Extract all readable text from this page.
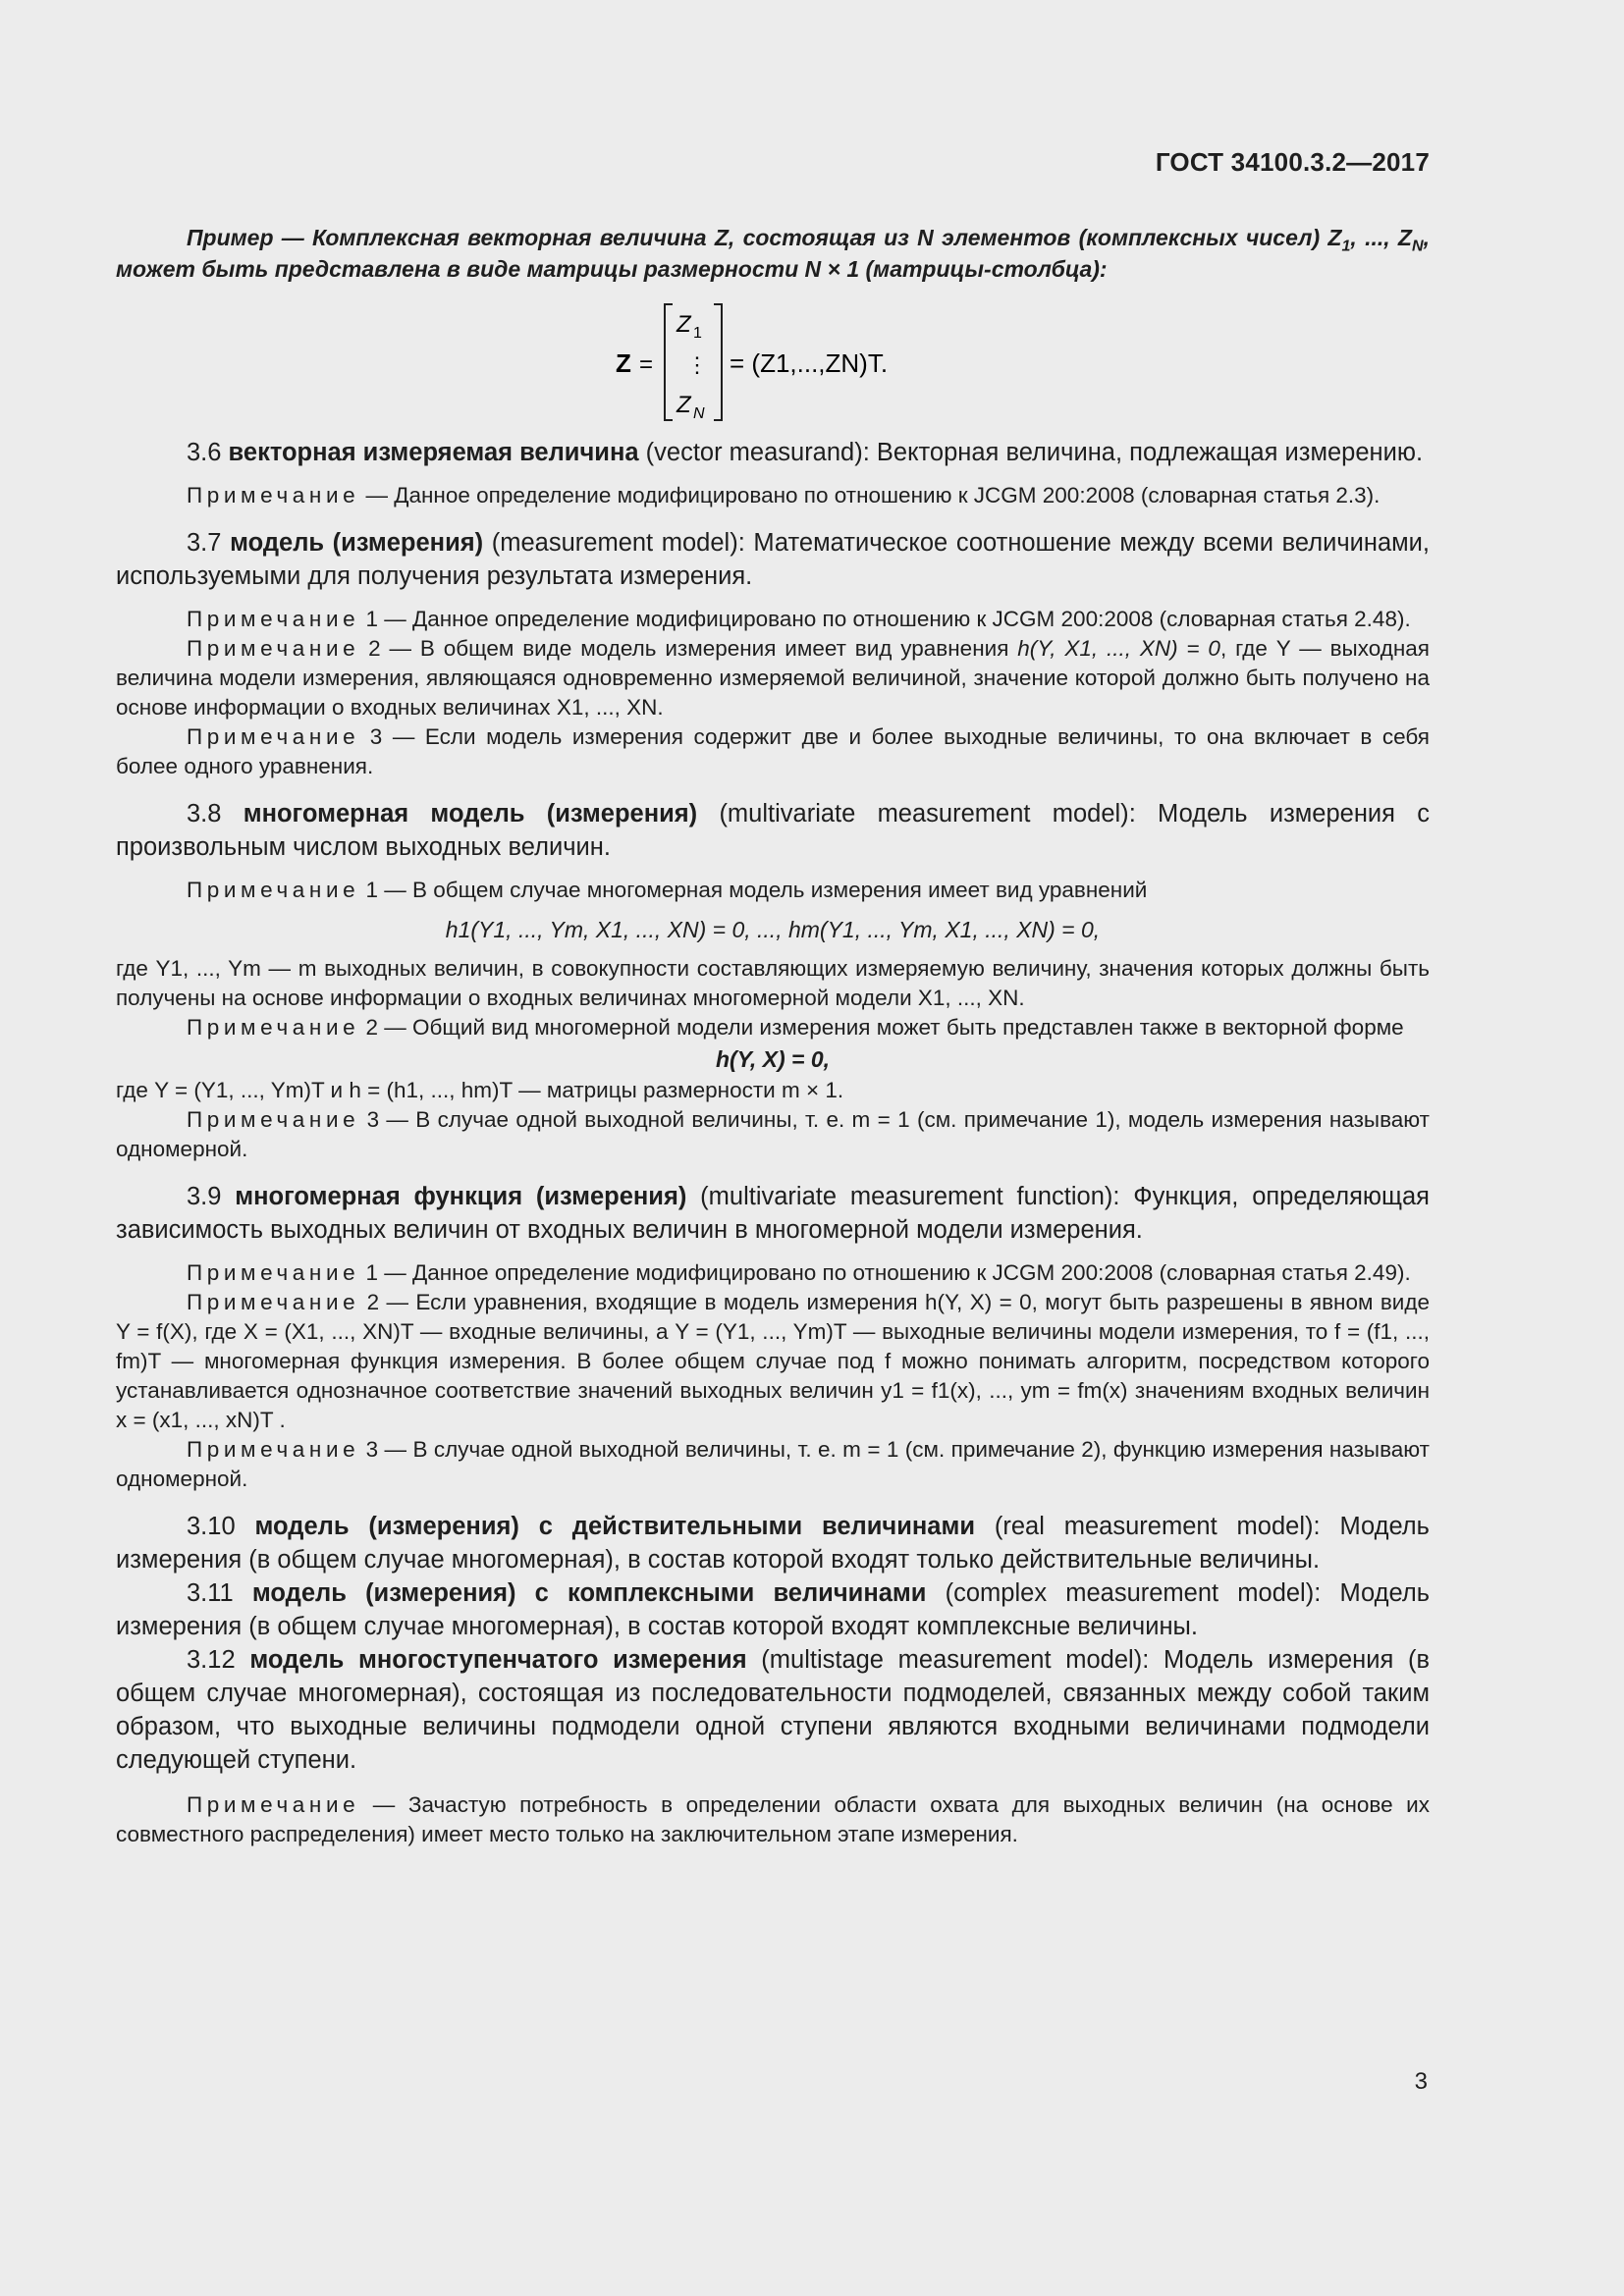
ГОСТ 34100.3.2—2017

Пример — Комплексная векторная величина Z, состоящая из N элементов (комплексных чисел) $Z_1$, ..., $Z_N$, может быть представлена в виде матрицы размерности N × 1 (матрицы-столбца):

Z =
Z 1
⋮
Z N
= (Z1,...,ZN)T.

3.6 векторная измеряемая величина (vector measurand): Векторная величина, подлежащая измерению.

Примечание — Данное определение модифицировано по отношению к JCGM 200:2008 (словарная статья 2.3).

3.7 модель (измерения) (measurement model): Математическое соотношение между всеми величинами, используемыми для получения результата измерения.

Примечание 1 — Данное определение модифицировано по отношению к JCGM 200:2008 (словарная статья 2.48).

Примечание 2 — В общем виде модель измерения имеет вид уравнения h(Y, X1, ..., XN) = 0, где Y — выходная величина модели измерения, являющаяся одновременно измеряемой величиной, значение которой должно быть получено на основе информации о входных величинах X1, ..., XN.

Примечание 3 — Если модель измерения содержит две и более выходные величины, то она включает в себя более одного уравнения.

3.8 многомерная модель (измерения) (multivariate measurement model): Модель измерения с произвольным числом выходных величин.

Примечание 1 — В общем случае многомерная модель измерения имеет вид уравнений

h1(Y1, ..., Ym, X1, ..., XN) = 0, ..., hm(Y1, ..., Ym, X1, ..., XN) = 0,

где Y1, ..., Ym — m выходных величин, в совокупности составляющих измеряемую величину, значения которых должны быть получены на основе информации о входных величинах многомерной модели X1, ..., XN.

Примечание 2 — Общий вид многомерной модели измерения может быть представлен также в векторной форме

h(Y, X) = 0,

где Y = (Y1, ..., Ym)T и h = (h1, ..., hm)T — матрицы размерности m × 1.

Примечание 3 — В случае одной выходной величины, т. е. m = 1 (см. примечание 1), модель измерения называют одномерной.

3.9 многомерная функция (измерения) (multivariate measurement function): Функция, определяющая зависимость выходных величин от входных величин в многомерной модели измерения.

Примечание 1 — Данное определение модифицировано по отношению к JCGM 200:2008 (словарная статья 2.49).

Примечание 2 — Если уравнения, входящие в модель измерения h(Y, X) = 0, могут быть разрешены в явном виде Y = f(X), где X = (X1, ..., XN)T — входные величины, а Y = (Y1, ..., Ym)T — выходные величины модели измерения, то f = (f1, ..., fm)T — многомерная функция измерения. В более общем случае под f можно понимать алгоритм, посредством которого устанавливается однозначное соответствие значений выходных величин y1 = f1(x), ..., ym = fm(x) значениям входных величин x = (x1, ..., xN)T .

Примечание 3 — В случае одной выходной величины, т. е. m = 1 (см. примечание 2), функцию измерения называют одномерной.

3.10 модель (измерения) с действительными величинами (real measurement model): Модель измерения (в общем случае многомерная), в состав которой входят только действительные величины.

3.11 модель (измерения) с комплексными величинами (complex measurement model): Модель измерения (в общем случае многомерная), в состав которой входят комплексные величины.

3.12 модель многоступенчатого измерения (multistage measurement model): Модель измерения (в общем случае многомерная), состоящая из последовательности подмоделей, связанных между собой таким образом, что выходные величины подмодели одной ступени являются входными величинами подмодели следующей ступени.

Примечание — Зачастую потребность в определении области охвата для выходных величин (на основе их совместного распределения) имеет место только на заключительном этапе измерения.

3
